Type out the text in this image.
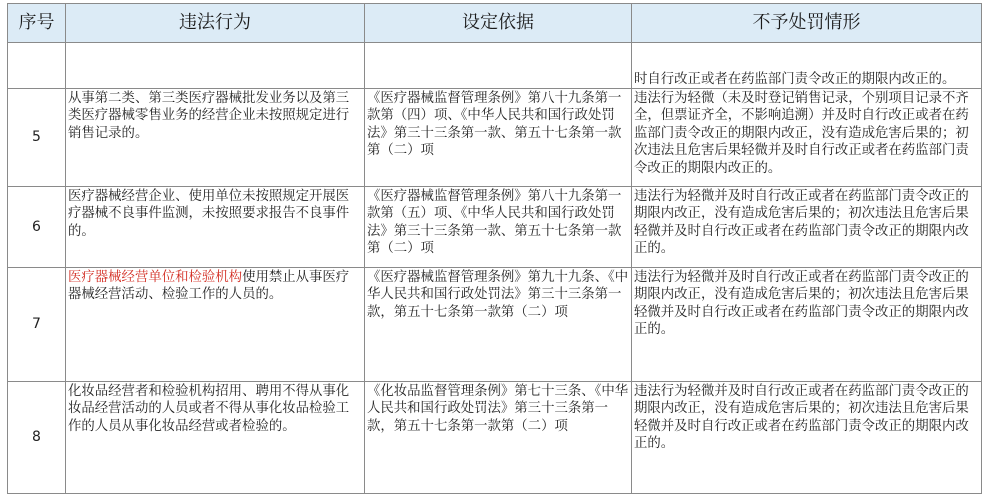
序号	违法行为	设定依据	不予处罚情形
			时自行改正或者在药监部门责令改正的期限内改正的。
5	从事第二类、第三类医疗器械批发业务以及第三类医疗器械零售业务的经营企业未按照规定进行销售记录的。	《医疗器械监督管理条例》第八十九条第一款第（四）项、《中华人民共和国行政处罚法》第三十三条第一款、第五十七条第一款第（二）项	违法行为轻微（未及时登记销售记录，个别项目记录不齐全，但票证齐全，不影响追溯）并及时自行改正或者在药监部门责令改正的期限内改正，没有造成危害后果的；初次违法且危害后果轻微并及时自行改正或者在药监部门责令改正的期限内改正的。
6	医疗器械经营企业、使用单位未按照规定开展医疗器械不良事件监测，未按照要求报告不良事件的。	《医疗器械监督管理条例》第八十九条第一款第（五）项、《中华人民共和国行政处罚法》第三十三条第一款、第五十七条第一款第（二）项	违法行为轻微并及时自行改正或者在药监部门责令改正的期限内改正，没有造成危害后果的；初次违法且危害后果轻微并及时自行改正或者在药监部门责令改正的期限内改正的。
7	医疗器械经营单位和检验机构使用禁止从事医疗器械经营活动、检验工作的人员的。	《医疗器械监督管理条例》第九十九条、《中华人民共和国行政处罚法》第三十三条第一款，第五十七条第一款第（二）项	违法行为轻微并及时自行改正或者在药监部门责令改正的期限内改正，没有造成危害后果的；初次违法且危害后果轻微并及时自行改正或者在药监部门责令改正的期限内改正的。
8	化妆品经营者和检验机构招用、聘用不得从事化妆品经营活动的人员或者不得从事化妆品检验工作的人员从事化妆品经营或者检验的。	《化妆品监督管理条例》第七十三条、《中华人民共和国行政处罚法》第三十三条第一款，第五十七条第一款第（二）项	违法行为轻微并及时自行改正或者在药监部门责令改正的期限内改正，没有造成危害后果的；初次违法且危害后果轻微并及时自行改正或者在药监部门责令改正的期限内改正的。
